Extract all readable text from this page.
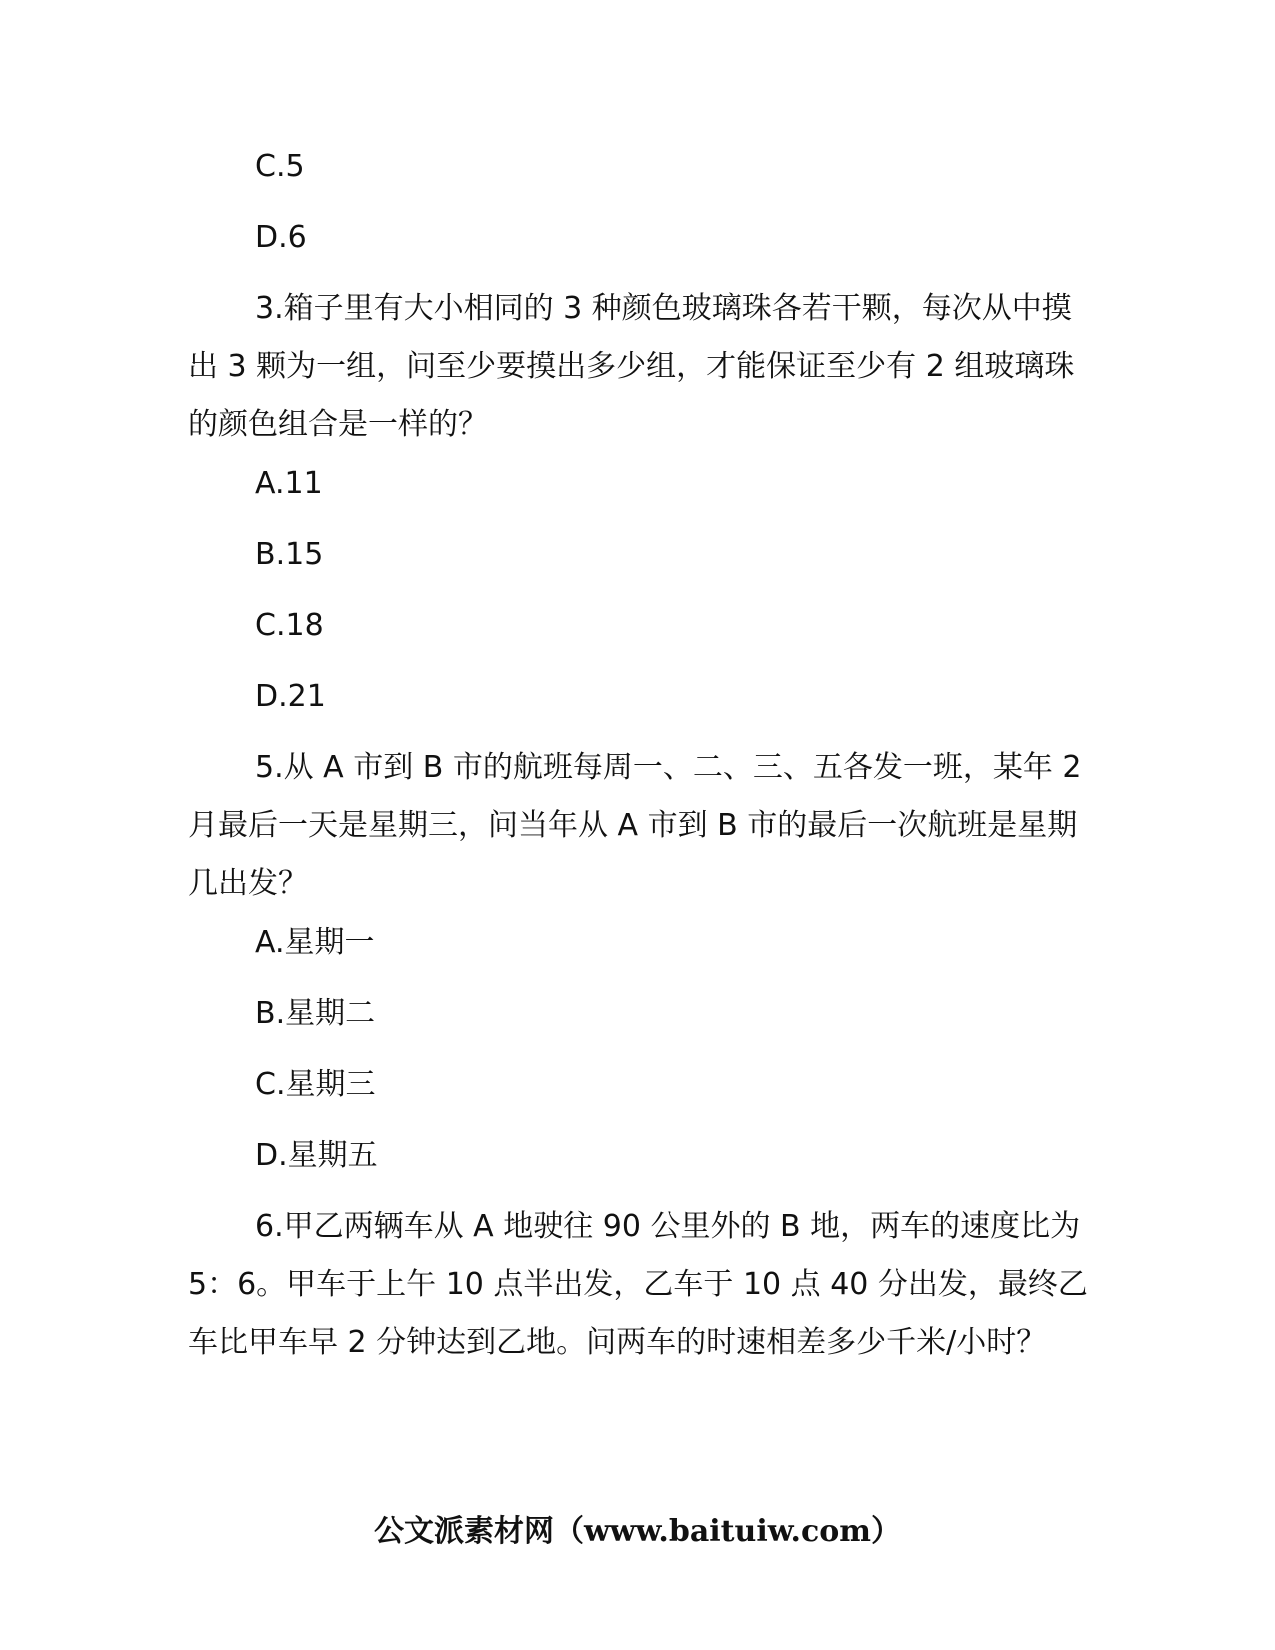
C.5
D.6
3.箱子里有大小相同的 3 种颜色玻璃珠各若干颗，每次从中摸出 3 颗为一组，问至少要摸出多少组，才能保证至少有 2 组玻璃珠的颜色组合是一样的？
A.11
B.15
C.18
D.21
5.从 A 市到 B 市的航班每周一、二、三、五各发一班，某年 2 月最后一天是星期三，问当年从 A 市到 B 市的最后一次航班是星期几出发？
A.星期一
B.星期二
C.星期三
D.星期五
6.甲乙两辆车从 A 地驶往 90 公里外的 B 地，两车的速度比为 5：6。甲车于上午 10 点半出发，乙车于 10 点 40 分出发，最终乙车比甲车早 2 分钟达到乙地。问两车的时速相差多少千米/小时？
公文派素材网（www.baituiw.com）
